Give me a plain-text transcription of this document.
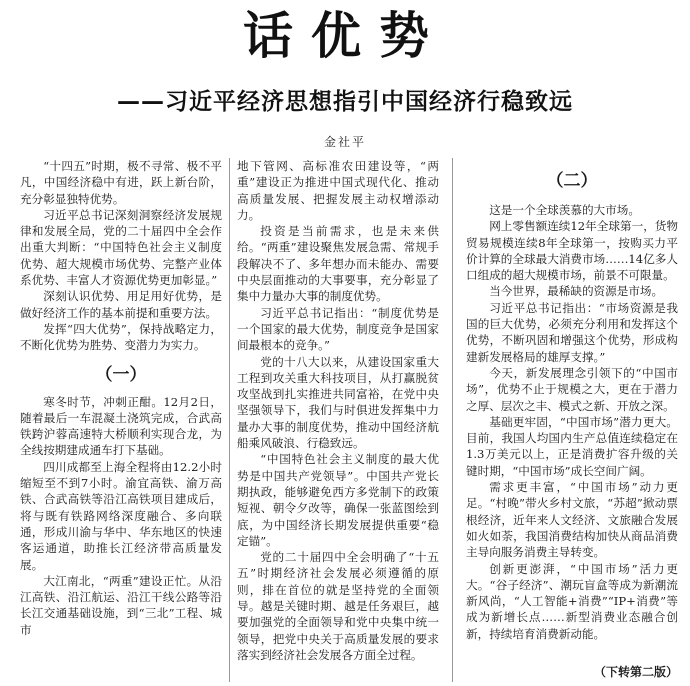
话优势
——习近平经济思想指引中国经济行稳致远
金社平

“十四五”时期，极不寻常、极不平凡，中国经济稳中有进，跃上新台阶，充分彰显独特优势。

习近平总书记深刻洞察经济发展规律和发展全局，党的二十届四中全会作出重大判断：“中国特色社会主义制度优势、超大规模市场优势、完整产业体系优势、丰富人才资源优势更加彰显。”

深刻认识优势、用足用好优势，是做好经济工作的基本前提和重要方法。

发挥“四大优势”，保持战略定力，不断化优势为胜势、变潜力为实力。

（一）

寒冬时节，冲刺正酣。12月2日，随着最后一车混凝土浇筑完成，合武高铁跨沪蓉高速特大桥顺利实现合龙，为全线按期建成通车打下基础。

四川成都至上海全程将由12.2小时缩短至不到7小时。渝宜高铁、渝万高铁、合武高铁等沿江高铁项目建成后，将与既有铁路网络深度融合、多向联通，形成川渝与华中、华东地区的快速客运通道，助推长江经济带高质量发展。

大江南北，“两重”建设正忙。从沿江高铁、沿江航运、沿江干线公路等沿长江交通基础设施，到“三北”工程、城市

地下管网、高标准农田建设等，“两重”建设正为推进中国式现代化、推动高质量发展、把握发展主动权增添动力。

投资是当前需求，也是未来供给。“两重”建设聚焦发展急需、常规手段解决不了、多年想办而未能办、需要中央层面推动的大事要事，充分彰显了集中力量办大事的制度优势。

习近平总书记指出：“制度优势是一个国家的最大优势，制度竞争是国家间最根本的竞争。”

党的十八大以来，从建设国家重大工程到攻关重大科技项目，从打赢脱贫攻坚战到扎实推进共同富裕，在党中央坚强领导下，我们与时俱进发挥集中力量办大事的制度优势，推动中国经济航船乘风破浪、行稳致远。

“中国特色社会主义制度的最大优势是中国共产党领导”。中国共产党长期执政，能够避免西方多党制下的政策短视、朝令夕改等，确保一张蓝图绘到底，为中国经济长期发展提供重要“稳定锚”。

党的二十届四中全会明确了“十五五”时期经济社会发展必须遵循的原则，排在首位的就是坚持党的全面领导。越是关键时期、越是任务艰巨，越要加强党的全面领导和党中央集中统一领导，把党中央关于高质量发展的要求落实到经济社会发展各方面全过程。

（二）

这是一个全球羡慕的大市场。

网上零售额连续12年全球第一，货物贸易规模连续8年全球第一，按购买力平价计算的全球最大消费市场……14亿多人口组成的超大规模市场，前景不可限量。

当今世界，最稀缺的资源是市场。

习近平总书记指出：“市场资源是我国的巨大优势，必须充分利用和发挥这个优势，不断巩固和增强这个优势，形成构建新发展格局的雄厚支撑。”

今天，新发展理念引领下的“中国市场”，优势不止于规模之大，更在于潜力之厚、层次之丰、模式之新、开放之深。

基础更牢固，“中国市场”潜力更大。目前，我国人均国内生产总值连续稳定在1.3万美元以上，正是消费扩容升级的关键时期，“中国市场”成长空间广阔。

需求更丰富，“中国市场”动力更足。“村晚”带火乡村文旅，“苏超”掀动票根经济，近年来人文经济、文旅融合发展如火如荼，我国消费结构加快从商品消费主导向服务消费主导转变。

创新更澎湃，“中国市场”活力更大。“谷子经济”、潮玩盲盒等成为新潮流新风尚，“人工智能+消费”“IP+消费”等成为新增长点……新型消费业态融合创新，持续培育消费新动能。

（下转第二版）
